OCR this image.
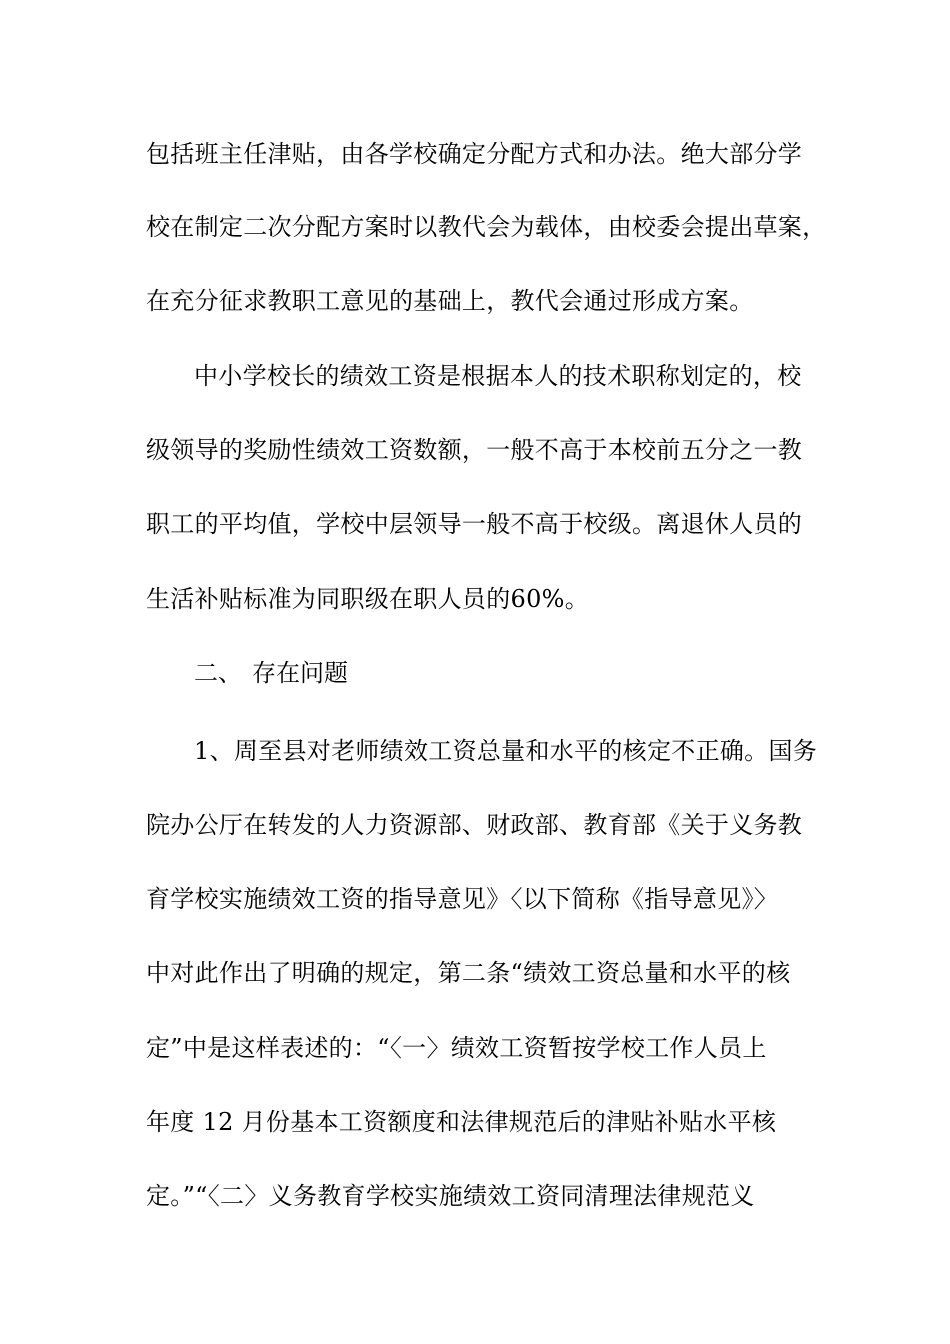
包括班主任津贴，由各学校确定分配方式和办法。绝大部分学
校在制定二次分配方案时以教代会为载体，由校委会提出草案，
在充分征求教职工意见的基础上，教代会通过形成方案。
中小学校长的绩效工资是根据本人的技术职称划定的，校
级领导的奖励性绩效工资数额，一般不高于本校前五分之一教
职工的平均值，学校中层领导一般不高于校级。离退休人员的
生活补贴标准为同职级在职人员的60%。
二、 存在问题
1、周至县对老师绩效工资总量和水平的核定不正确。国务
院办公厅在转发的人力资源部、财政部、教育部《关于义务教
育学校实施绩效工资的指导意见》〈以下简称《指导意见》〉
中对此作出了明确的规定，第二条“绩效工资总量和水平的核
定”中是这样表述的：“〈一〉绩效工资暂按学校工作人员上
年度 12 月份基本工资额度和法律规范后的津贴补贴水平核
定。”“〈二〉义务教育学校实施绩效工资同清理法律规范义
